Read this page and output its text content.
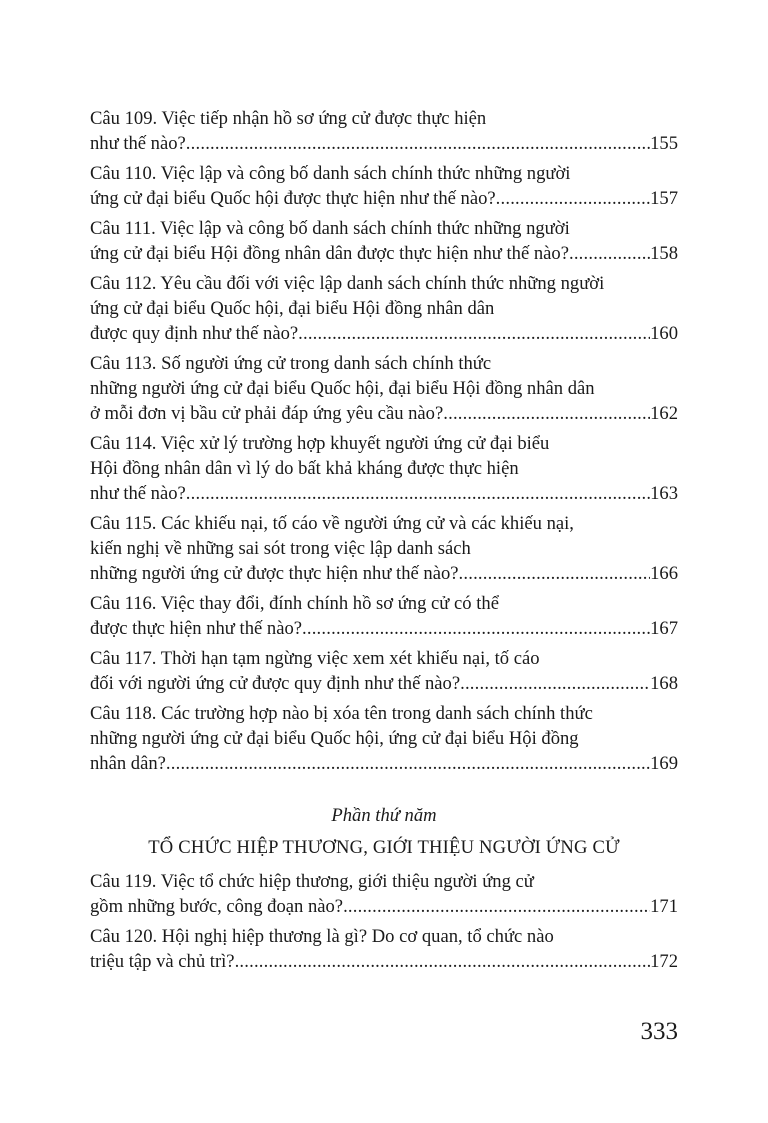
Câu 109. Việc tiếp nhận hồ sơ ứng cử được thực hiện
như thế nào? .....	155
Câu 110. Việc lập và công bố danh sách chính thức những người
ứng cử đại biểu Quốc hội được thực hiện như thế nào? .....	157
Câu 111. Việc lập và công bố danh sách chính thức những người
ứng cử đại biểu Hội đồng nhân dân được thực hiện như thế nào? .....	158
Câu 112. Yêu cầu đối với việc lập danh sách chính thức những người
ứng cử đại biểu Quốc hội, đại biểu Hội đồng nhân dân
được quy định như thế nào? .....	160
Câu 113. Số người ứng cử trong danh sách chính thức
những người ứng cử đại biểu Quốc hội, đại biểu Hội đồng nhân dân
ở mỗi đơn vị bầu cử phải đáp ứng yêu cầu nào? .....	162
Câu 114. Việc xử lý trường hợp khuyết người ứng cử đại biểu
Hội đồng nhân dân vì lý do bất khả kháng được thực hiện
như thế nào? .....	163
Câu 115. Các khiếu nại, tố cáo về người ứng cử và các khiếu nại,
kiến nghị về những sai sót trong việc lập danh sách
những người ứng cử được thực hiện như thế nào? .....	166
Câu 116. Việc thay đổi, đính chính hồ sơ ứng cử có thể
được thực hiện như thế nào? .....	167
Câu 117. Thời hạn tạm ngừng việc xem xét khiếu nại, tố cáo
đối với người ứng cử được quy định như thế nào? .....	168
Câu 118. Các trường hợp nào bị xóa tên trong danh sách chính thức
những người ứng cử đại biểu Quốc hội, ứng cử đại biểu Hội đồng
nhân dân? .....	169
Phần thứ năm
TỔ CHỨC HIỆP THƯƠNG, GIỚI THIỆU NGƯỜI ỨNG CỬ
Câu 119. Việc tổ chức hiệp thương, giới thiệu người ứng cử
gồm những bước, công đoạn nào? .....	171
Câu 120. Hội nghị hiệp thương là gì? Do cơ quan, tổ chức nào
triệu tập và chủ trì? .....	172
333
